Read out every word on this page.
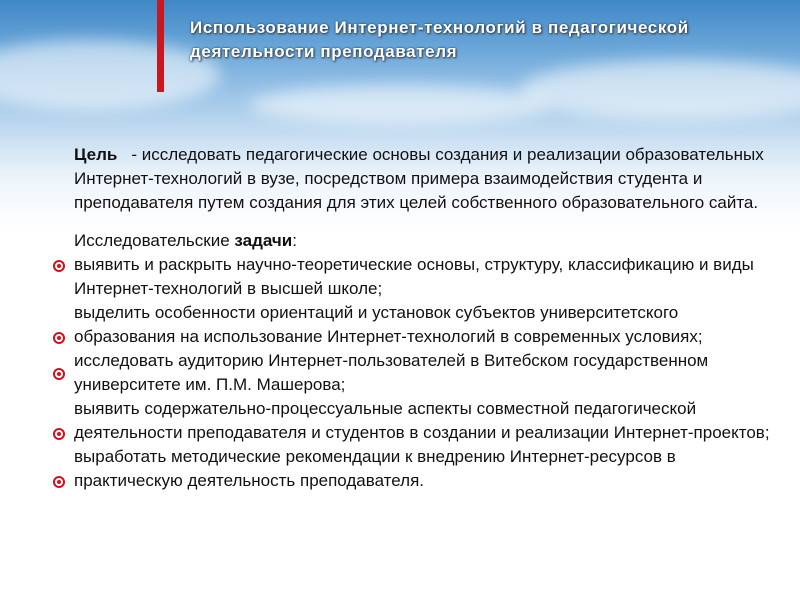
Использование Интернет-технологий в педагогической деятельности преподавателя

Цель - исследовать педагогические основы создания и реализации образовательных Интернет-технологий в вузе, посредством примера взаимодействия студента и преподавателя путем создания для этих целей собственного образовательного сайта.

Исследовательские задачи:

выявить и раскрыть научно-теоретические основы, структуру, классификацию и виды Интернет-технологий в высшей школе;
выделить особенности ориентаций и установок субъектов университетского образования на использование Интернет-технологий в современных условиях;
исследовать аудиторию Интернет-пользователей в Витебском государственном университете им. П.М. Машерова;
выявить содержательно-процессуальные аспекты совместной педагогической деятельности преподавателя и студентов в создании и реализации Интернет-проектов;
выработать методические рекомендации к внедрению Интернет-ресурсов в практическую деятельность преподавателя.
